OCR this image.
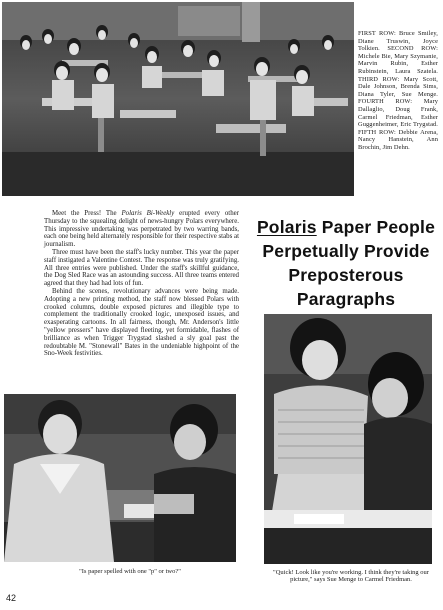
FIRST ROW: Bruce Smiley, Diane Truswin, Joyce Tolkien. SECOND ROW: Michele Bie, Mary Szymanie, Marvin Rubin, Esther Rubinstein, Laura Szatela. THIRD ROW: Mary Scott, Dale Johnson, Brenda Sims, Diana Tyler, Sue Menge. FOURTH ROW: Mary Dallaglio, Doug Frank, Carmel Friedman, Esther Guggenheimer, Eric Trygstad. FIFTH ROW: Debbie Arena, Nancy Hanstein, Ann Brochin, Jim Dehn.

Meet the Press! The Polaris Bi-Weekly erupted every other Thursday to the squealing delight of news-hungry Polars everywhere. This impressive undertaking was perpetrated by two warring bands, each one being held alternately responsible for their respective stabs at journalism.

Three must have been the staff's lucky number. This year the paper staff instigated a Valentine Contest. The response was truly gratifying. All three entries were published. Under the staff's skillful guidance, the Dog Sled Race was an astounding success. All three teams entered agreed that they had had lots of fun.

Behind the scenes, revolutionary advances were being made. Adopting a new printing method, the staff now blessed Polars with crooked columns, double exposed pictures and illegible type to complement the traditionally crooked logic, unexposed issues, and exasperating cartoons. In all fairness, though, Mr. Anderson's little "yellow pressers" have displayed fleeting, yet formidable, flashes of brilliance as when Trigger Trygstad slashed a sly goal past the redoubtable M. "Stonewall" Bates in the undeniable highpoint of the Sno-Week festivities.

Polaris Paper People
Perpetually Provide
Preposterous Paragraphs
"Is paper spelled with one "p" or two?"	"Quick! Look like you're working. I think they're taking our picture," says Sue Menge to Carmel Friedman.
42
